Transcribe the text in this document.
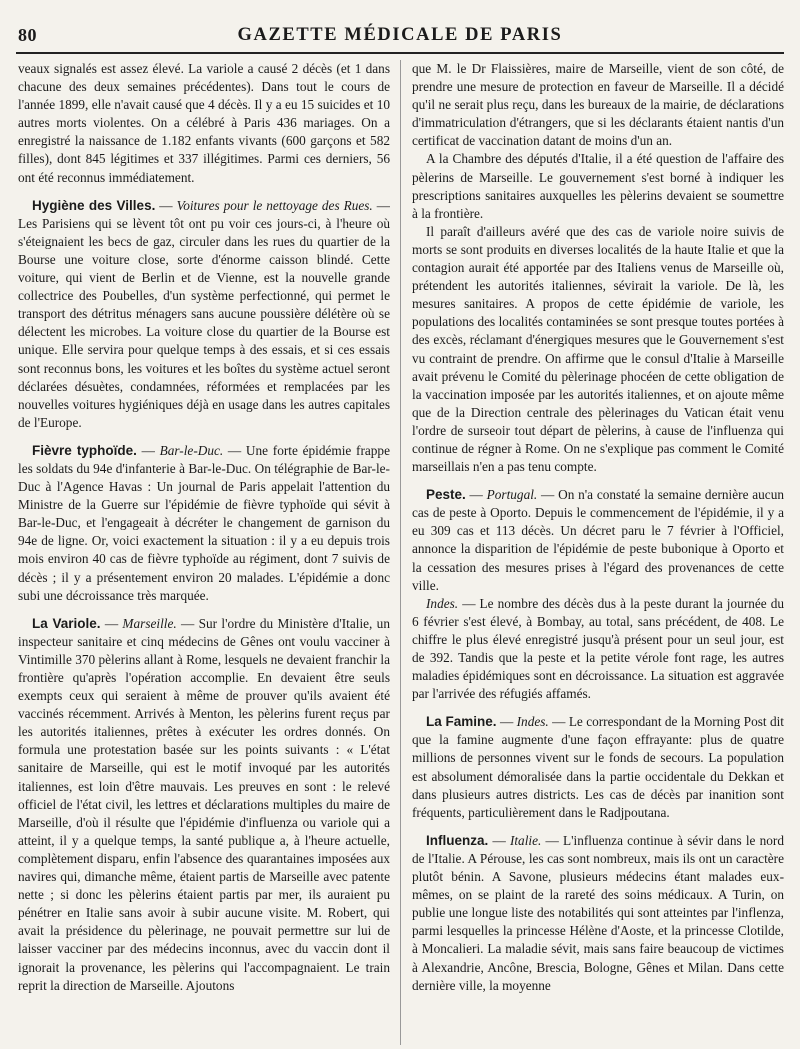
80	GAZETTE MÉDICALE DE PARIS

veaux signalés est assez élevé. La variole a causé 2 décès (et 1 dans chacune des deux semaines précédentes). Dans tout le cours de l'année 1899, elle n'avait causé que 4 décès. Il y a eu 15 suicides et 10 autres morts violentes. On a célébré à Paris 436 mariages. On a enregistré la naissance de 1.182 enfants vivants (600 garçons et 582 filles), dont 845 légitimes et 337 illégitimes. Parmi ces derniers, 56 ont été reconnus immédiatement.

Hygiène des Villes. — Voitures pour le nettoyage des Rues. — Les Parisiens qui se lèvent tôt ont pu voir ces jours-ci, à l'heure où s'éteignaient les becs de gaz, circuler dans les rues du quartier de la Bourse une voiture close, sorte d'énorme caisson blindé. Cette voiture, qui vient de Berlin et de Vienne, est la nouvelle grande collectrice des Poubelles, d'un système perfectionné, qui permet le transport des détritus ménagers sans aucune poussière délétère où se délectent les microbes. La voiture close du quartier de la Bourse est unique. Elle servira pour quelque temps à des essais, et si ces essais sont reconnus bons, les voitures et les boîtes du système actuel seront déclarées désuètes, condamnées, réformées et remplacées par les nouvelles voitures hygiéniques déjà en usage dans les autres capitales de l'Europe.

Fièvre typhoïde. — Bar-le-Duc. — Une forte épidémie frappe les soldats du 94e d'infanterie à Bar-le-Duc. On télégraphie de Bar-le-Duc à l'Agence Havas : Un journal de Paris appelait l'attention du Ministre de la Guerre sur l'épidémie de fièvre typhoïde qui sévit à Bar-le-Duc, et l'engageait à décréter le changement de garnison du 94e de ligne. Or, voici exactement la situation : il y a eu depuis trois mois environ 40 cas de fièvre typhoïde au régiment, dont 7 suivis de décès ; il y a présentement environ 20 malades. L'épidémie a donc subi une décroissance très marquée.

La Variole. — Marseille. — Sur l'ordre du Ministère d'Italie, un inspecteur sanitaire et cinq médecins de Gênes ont voulu vacciner à Vintimille 370 pèlerins allant à Rome, lesquels ne devaient franchir la frontière qu'après l'opération accomplie. En devaient être seuls exempts ceux qui seraient à même de prouver qu'ils avaient été vaccinés récemment. Arrivés à Menton, les pèlerins furent reçus par les autorités italiennes, prêtes à exécuter les ordres donnés. On formula une protestation basée sur les points suivants : « L'état sanitaire de Marseille, qui est le motif invoqué par les autorités italiennes, est loin d'être mauvais. Les preuves en sont : le relevé officiel de l'état civil, les lettres et déclarations multiples du maire de Marseille, d'où il résulte que l'épidémie d'influenza ou variole qui a atteint, il y a quelque temps, la santé publique a, à l'heure actuelle, complètement disparu, enfin l'absence des quarantaines imposées aux navires qui, dimanche même, étaient partis de Marseille avec patente nette ; si donc les pèlerins étaient partis par mer, ils auraient pu pénétrer en Italie sans avoir à subir aucune visite. M. Robert, qui avait la présidence du pèlerinage, ne pouvait permettre sur lui de laisser vacciner par des médecins inconnus, avec du vaccin dont il ignorait la provenance, les pèlerins qui l'accompagnaient. Le train reprit la direction de Marseille. Ajoutons

que M. le Dr Flaissières, maire de Marseille, vient de son côté, de prendre une mesure de protection en faveur de Marseille. Il a décidé qu'il ne serait plus reçu, dans les bureaux de la mairie, de déclarations d'immatriculation d'étrangers, que si les déclarants étaient nantis d'un certificat de vaccination datant de moins d'un an.

A la Chambre des députés d'Italie, il a été question de l'affaire des pèlerins de Marseille. Le gouvernement s'est borné à indiquer les prescriptions sanitaires auxquelles les pèlerins devaient se soumettre à la frontière.

Il paraît d'ailleurs avéré que des cas de variole noire suivis de morts se sont produits en diverses localités de la haute Italie et que la contagion aurait été apportée par des Italiens venus de Marseille où, prétendent les autorités italiennes, sévirait la variole. De là, les mesures sanitaires. A propos de cette épidémie de variole, les populations des localités contaminées se sont presque toutes portées à des excès, réclamant d'énergiques mesures que le Gouvernement s'est vu contraint de prendre. On affirme que le consul d'Italie à Marseille avait prévenu le Comité du pèlerinage phocéen de cette obligation de la vaccination imposée par les autorités italiennes, et on ajoute même que de la Direction centrale des pèlerinages du Vatican était venu l'ordre de surseoir tout départ de pèlerins, à cause de l'influenza qui continue de régner à Rome. On ne s'explique pas comment le Comité marseillais n'en a pas tenu compte.

Peste. — Portugal. — On n'a constaté la semaine dernière aucun cas de peste à Oporto. Depuis le commencement de l'épidémie, il y a eu 309 cas et 113 décès. Un décret paru le 7 février à l'Officiel, annonce la disparition de l'épidémie de peste bubonique à Oporto et la cessation des mesures prises à l'égard des provenances de cette ville.

Indes. — Le nombre des décès dus à la peste durant la journée du 6 février s'est élevé, à Bombay, au total, sans précédent, de 408. Le chiffre le plus élevé enregistré jusqu'à présent pour un seul jour, est de 392. Tandis que la peste et la petite vérole font rage, les autres maladies épidémiques sont en décroissance. La situation est aggravée par l'arrivée des réfugiés affamés.

La Famine. — Indes. — Le correspondant de la Morning Post dit que la famine augmente d'une façon effrayante: plus de quatre millions de personnes vivent sur le fonds de secours. La population est absolument démoralisée dans la partie occidentale du Dekkan et dans plusieurs autres districts. Les cas de décès par inanition sont fréquents, particulièrement dans le Radjpoutana.

Influenza. — Italie. — L'influenza continue à sévir dans le nord de l'Italie. A Pérouse, les cas sont nombreux, mais ils ont un caractère plutôt bénin. A Savone, plusieurs médecins étant malades eux-mêmes, on se plaint de la rareté des soins médicaux. A Turin, on publie une longue liste des notabilités qui sont atteintes par l'inflenza, parmi lesquelles la princesse Hélène d'Aoste, et la princesse Clotilde, à Moncalieri. La maladie sévit, mais sans faire beaucoup de victimes à Alexandrie, Ancône, Brescia, Bologne, Gênes et Milan. Dans cette dernière ville, la moyenne
